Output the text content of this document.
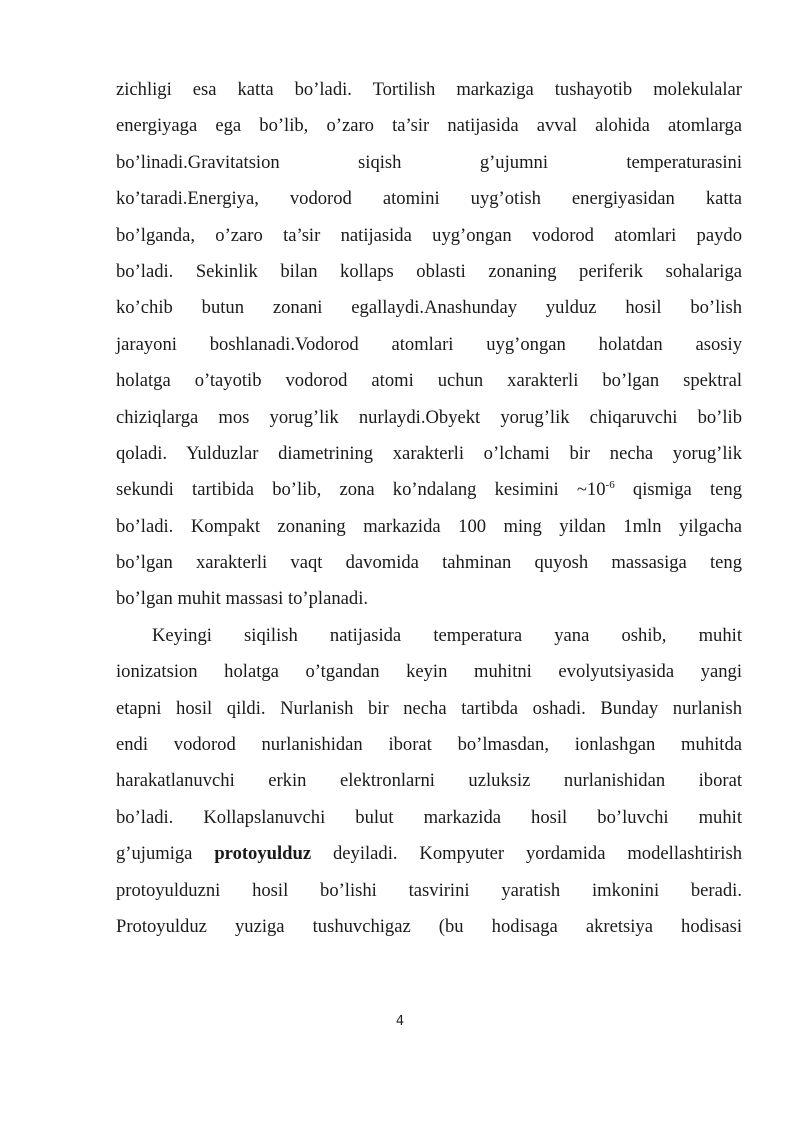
zichligi esa katta bo’ladi. Tortilish markaziga tushayotib molekulalar
energiyaga ega bo’lib, o’zaro ta’sir natijasida avval alohida atomlarga
bo’linadi.Gravitatsion siqish g’ujumni temperaturasini
ko’taradi.Energiya, vodorod atomini uyg’otish energiyasidan katta
bo’lganda, o’zaro ta’sir natijasida uyg’ongan vodorod atomlari paydo
bo’ladi. Sekinlik bilan kollaps oblasti zonaning periferik sohalariga
ko’chib butun zonani egallaydi.Anashunday yulduz hosil bo’lish
jarayoni boshlanadi.Vodorod atomlari uyg’ongan holatdan asosiy
holatga o’tayotib vodorod atomi uchun xarakterli bo’lgan spektral
chiziqlarga mos yorug’lik nurlaydi.Obyekt yorug’lik chiqaruvchi bo’lib
qoladi. Yulduzlar diametrining xarakterli o’lchami bir necha yorug’lik
sekundi tartibida bo’lib, zona ko’ndalang kesimini $\sim 10^{-6}$ qismiga teng
bo’ladi. Kompakt zonaning markazida 100 ming yildan 1mln yilgacha
bo’lgan xarakterli vaqt davomida tahminan quyosh massasiga teng
bo’lgan muhit massasi to’planadi.
Keyingi siqilish natijasida temperatura yana oshib, muhit
ionizatsion holatga o’tgandan keyin muhitni evolyutsiyasida yangi
etapni hosil qildi. Nurlanish bir necha tartibda oshadi. Bunday nurlanish
endi vodorod nurlanishidan iborat bo’lmasdan, ionlashgan muhitda
harakatlanuvchi erkin elektronlarni uzluksiz nurlanishidan iborat
bo’ladi. Kollapslanuvchi bulut markazida hosil bo’luvchi muhit
g’ujumiga protoyulduz deyiladi. Kompyuter yordamida modellashtirish
protoyulduzni hosil bo’lishi tasvirini yaratish imkonini beradi.
Protoyulduz yuziga tushuvchigaz (bu hodisaga akretsiya hodisasi
4
